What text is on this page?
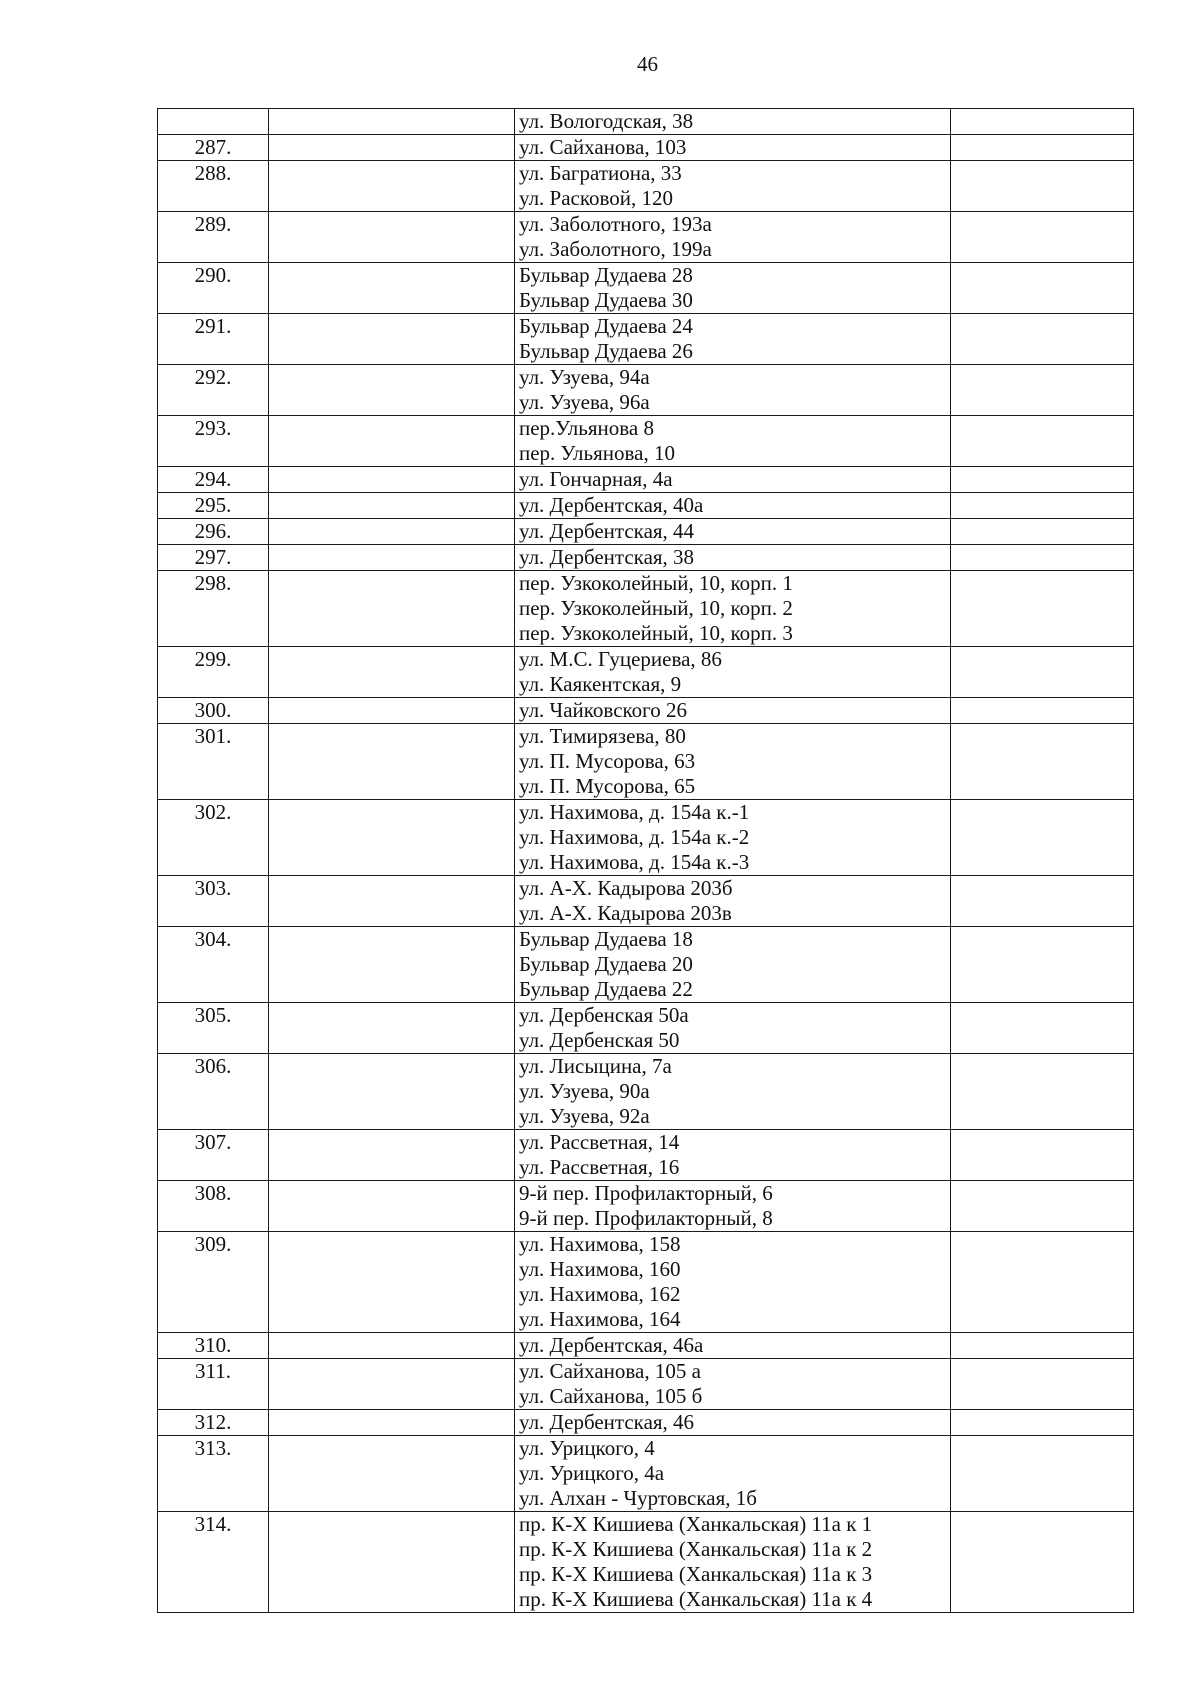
46

		ул. Вологодская, 38	

287.		ул. Сайханова, 103	

288.		ул. Багратиона, 33
ул. Расковой, 120	

289.		ул. Заболотного, 193а
ул. Заболотного, 199а	

290.		Бульвар Дудаева 28
Бульвар Дудаева 30	

291.		Бульвар Дудаева 24
Бульвар Дудаева 26	

292.		ул. Узуева, 94а
ул. Узуева, 96а	

293.		пер.Ульянова 8
пер. Ульянова, 10	

294.		ул. Гончарная, 4а	

295.		ул. Дербентская, 40а	

296.		ул. Дербентская, 44	

297.		ул. Дербентская, 38	

298.		пер. Узкоколейный, 10, корп. 1
пер. Узкоколейный, 10, корп. 2
пер. Узкоколейный, 10, корп. 3	

299.		ул. М.С. Гуцериева, 86
ул. Каякентская, 9	

300.		ул. Чайковского 26	

301.		ул. Тимирязева, 80
ул. П. Мусорова, 63
ул. П. Мусорова, 65	

302.		ул. Нахимова, д. 154а к.-1
ул. Нахимова, д. 154а к.-2
ул. Нахимова, д. 154а к.-3	

303.		ул. А-Х. Кадырова 203б
ул. А-Х. Кадырова 203в	

304.		Бульвар Дудаева 18
Бульвар Дудаева 20
Бульвар Дудаева 22	

305.		ул. Дербенская 50а
ул. Дербенская 50	

306.		ул. Лисыцина, 7а
ул. Узуева, 90а
ул. Узуева, 92а	

307.		ул. Рассветная, 14
ул. Рассветная, 16	

308.		9-й пер. Профилакторный, 6
9-й пер. Профилакторный, 8	

309.		ул. Нахимова, 158
ул. Нахимова, 160
ул. Нахимова, 162
ул. Нахимова, 164	

310.		ул. Дербентская, 46а	

311.		ул. Сайханова, 105 а
ул. Сайханова, 105 б	

312.		ул. Дербентская, 46	

313.		ул. Урицкого, 4
ул. Урицкого, 4а
ул. Алхан - Чуртовская, 1б	

314.		пр. К-Х Кишиева (Ханкальская) 11а к 1
пр. К-Х Кишиева (Ханкальская) 11а к 2
пр. К-Х Кишиева (Ханкальская) 11а к 3
пр. К-Х Кишиева (Ханкальская) 11а к 4	
